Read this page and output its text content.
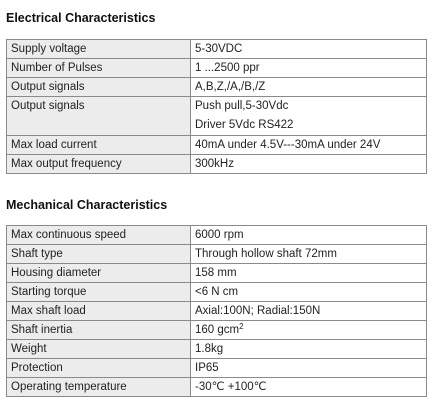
Electrical Characteristics
Supply voltage	5-30VDC
Number of Pulses	1 ...2500 ppr
Output signals	A,B,Z,/A,/B,/Z
Output signals	Push pull,5-30Vdc
Driver 5Vdc RS422

Max load current	40mA under 4.5V---30mA under 24V
Max output frequency	300kHz
Mechanical Characteristics
Max continuous speed	6000 rpm
Shaft type	Through hollow shaft 72mm
Housing diameter	158 mm
Starting torque	<6 N cm
Max shaft load	Axial:100N; Radial:150N
Shaft inertia	160 gcm$^2$
Weight	1.8kg
Protection	IP65
Operating temperature	-30℃ +100℃
